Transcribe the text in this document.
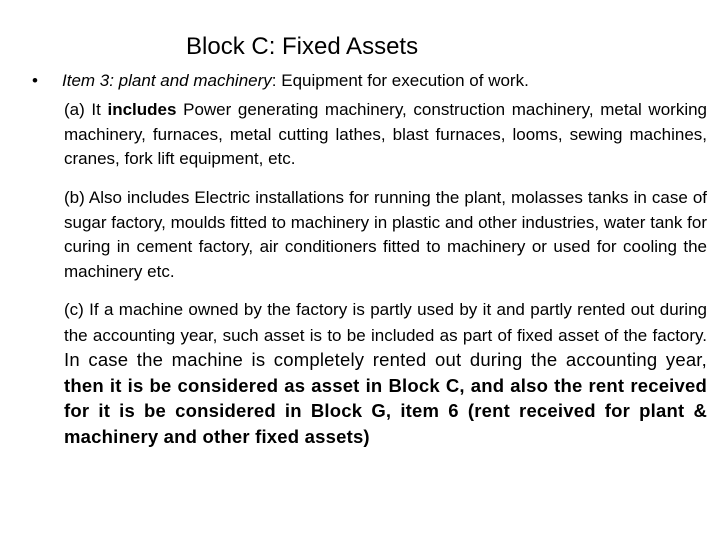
Block C: Fixed Assets
• Item 3: plant and machinery: Equipment for execution of work.
(a) It includes Power generating machinery, construction machinery, metal working machinery, furnaces, metal cutting lathes, blast furnaces, looms, sewing machines, cranes, fork lift equipment, etc.
(b) Also includes Electric installations for running the plant, molasses tanks in case of sugar factory, moulds fitted to machinery in plastic and other industries, water tank for curing in cement factory, air conditioners fitted to machinery or used for cooling the machinery etc.
(c) If a machine owned by the factory is partly used by it and partly rented out during the accounting year, such asset is to be included as part of fixed asset of the factory. In case the machine is completely rented out during the accounting year, then it is be considered as asset in Block C, and also the rent received for it is be considered in Block G, item 6 (rent received for plant & machinery and other fixed assets)
